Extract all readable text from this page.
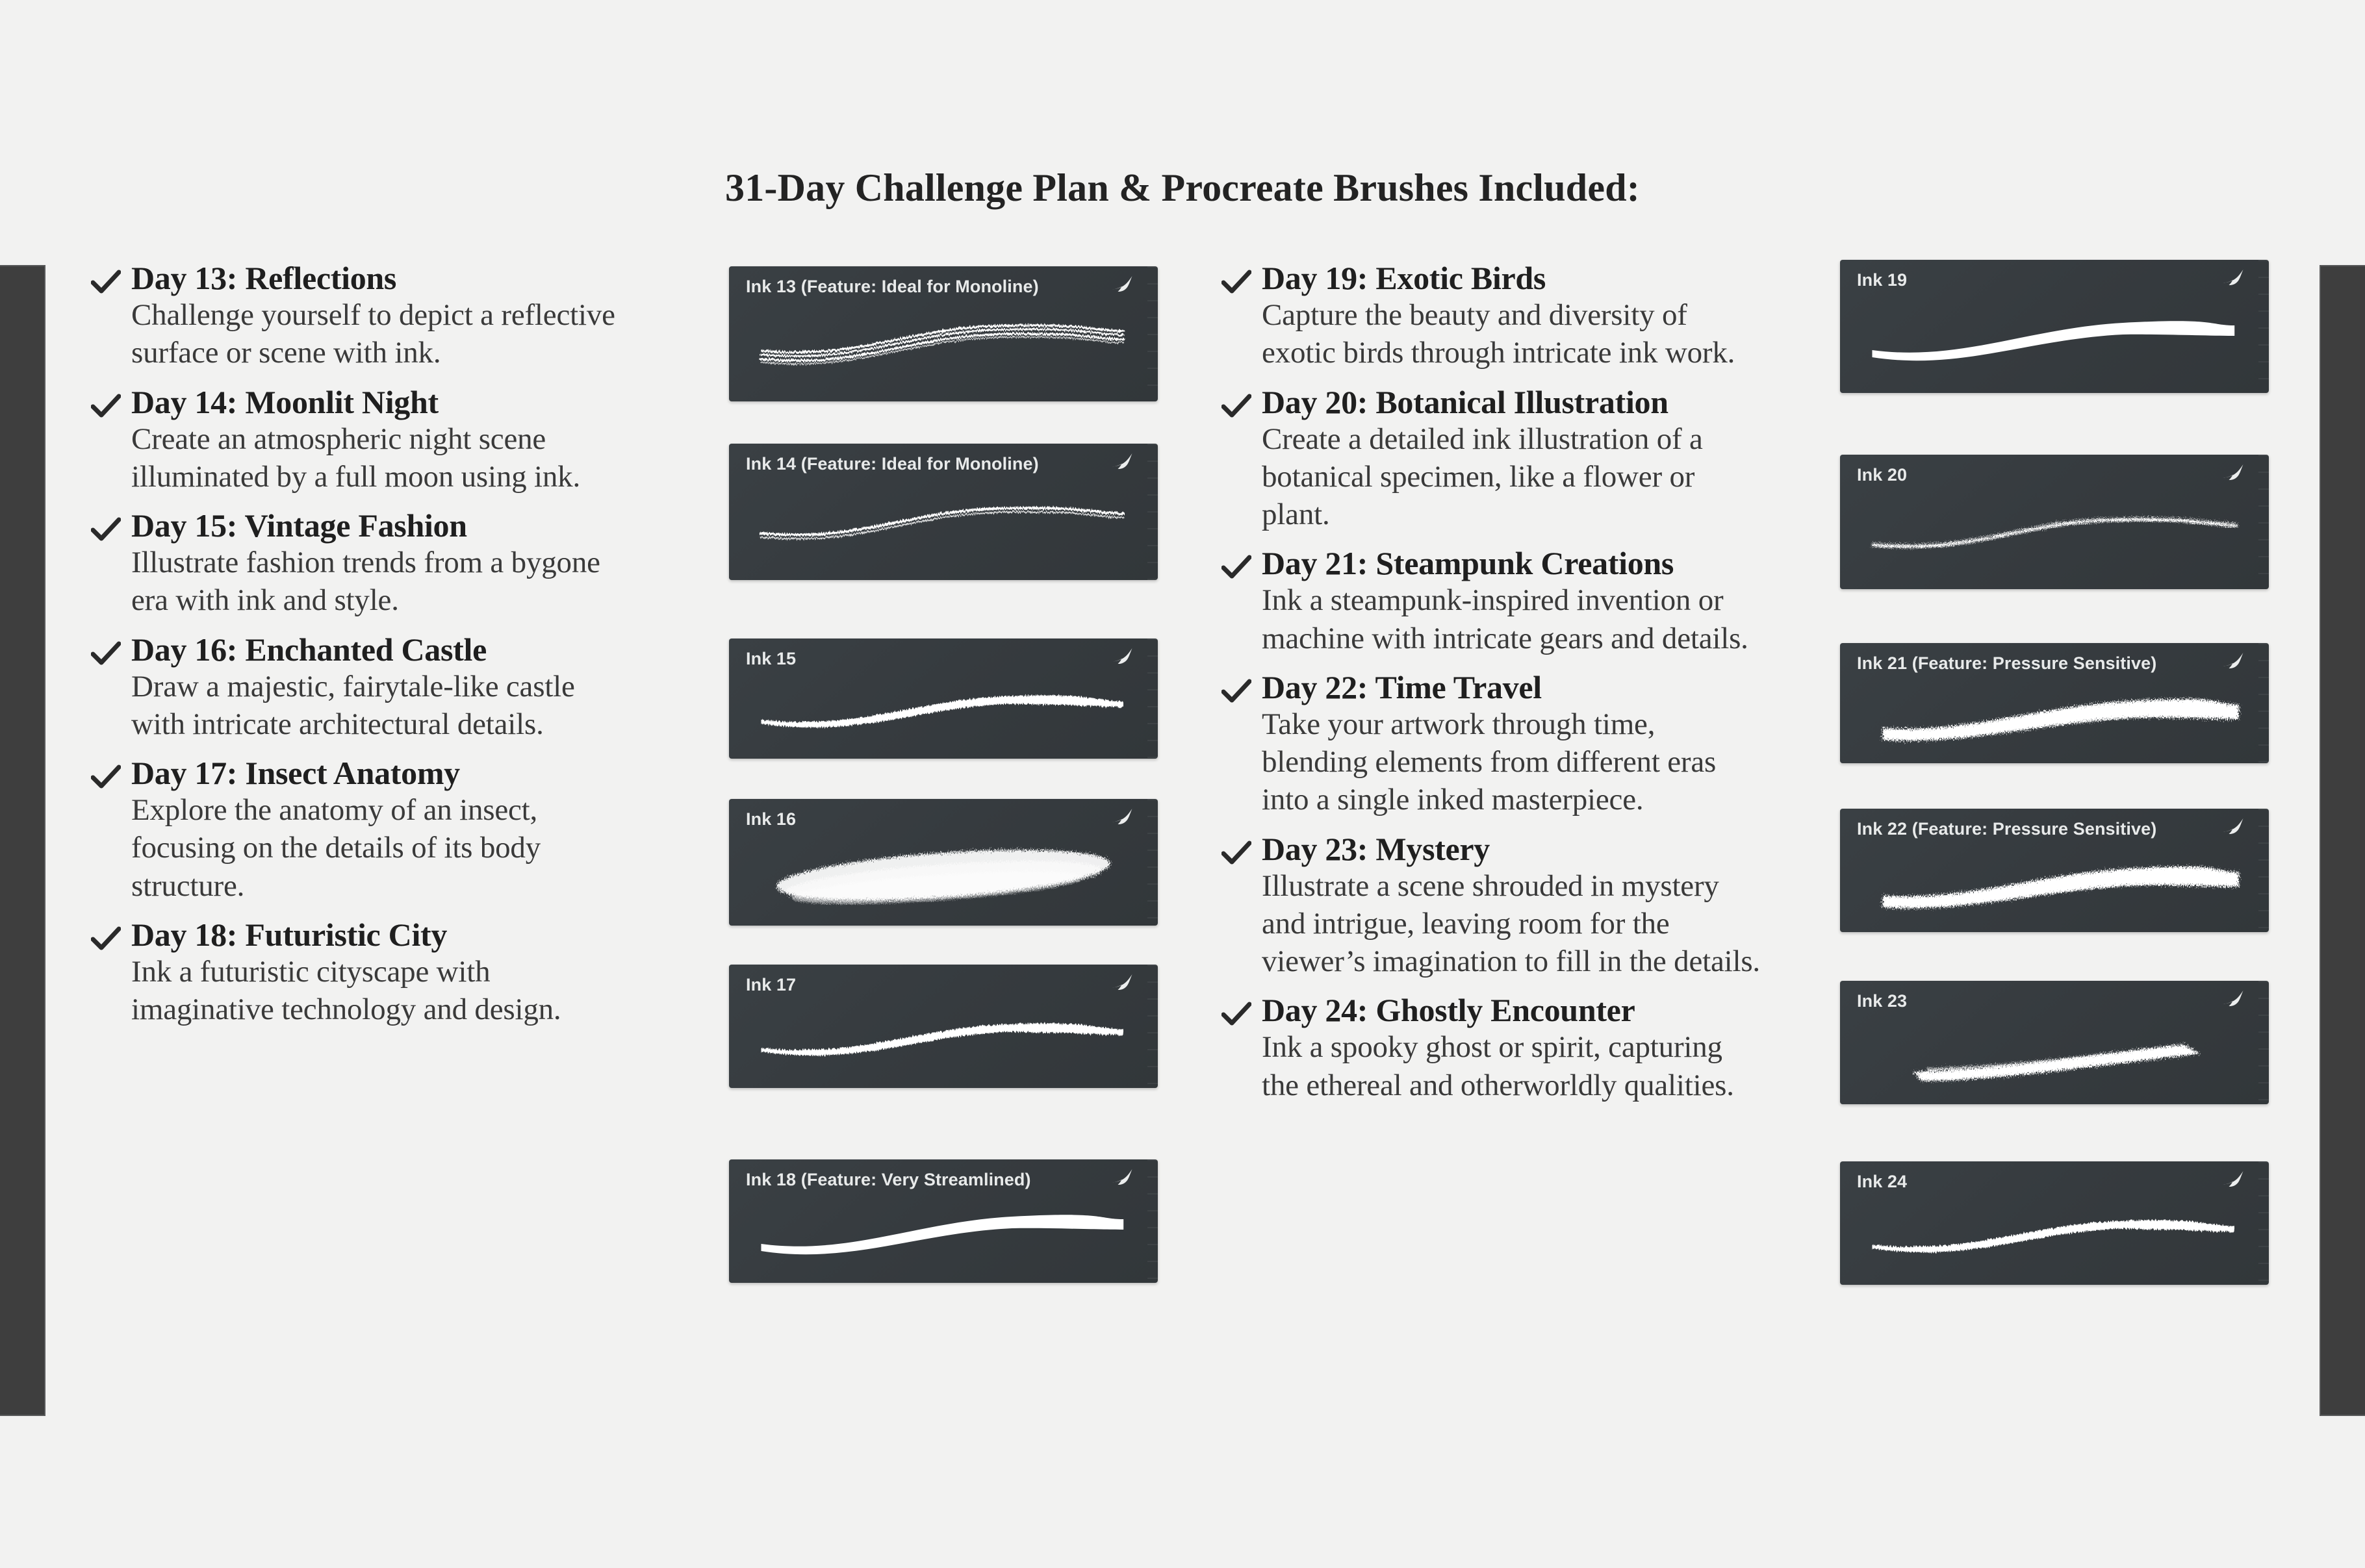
31-Day Challenge Plan & Procreate Brushes Included:
Day 13: Reflections
Challenge yourself to depict a reflective surface or scene with ink.
Day 14: Moonlit Night
Create an atmospheric night scene illuminated by a full moon using ink.
Day 15: Vintage Fashion
Illustrate fashion trends from a bygone era with ink and style.
Day 16: Enchanted Castle
Draw a majestic, fairytale-like castle with intricate architectural details.
Day 17: Insect Anatomy
Explore the anatomy of an insect, focusing on the details of its body structure.
Day 18: Futuristic City
Ink a futuristic cityscape with imaginative technology and design.
Day 19: Exotic Birds
Capture the beauty and diversity of exotic birds through intricate ink work.
Day 20: Botanical Illustration
Create a detailed ink illustration of a botanical specimen, like a flower or plant.
Day 21: Steampunk Creations
Ink a steampunk-inspired invention or machine with intricate gears and details.
Day 22: Time Travel
Take your artwork through time, blending elements from different eras into a single inked masterpiece.
Day 23: Mystery
Illustrate a scene shrouded in mystery and intrigue, leaving room for the viewer’s imagination to fill in the details.
Day 24: Ghostly Encounter
Ink a spooky ghost or spirit, capturing the ethereal and otherworldly qualities.
Ink 13 (Feature: Ideal for Monoline)
Ink 14 (Feature: Ideal for Monoline)
Ink 15
Ink 16
Ink 17
Ink 18 (Feature: Very Streamlined)
Ink 19
Ink 20
Ink 21 (Feature: Pressure Sensitive)
Ink 22 (Feature: Pressure Sensitive)
Ink 23
Ink 24
